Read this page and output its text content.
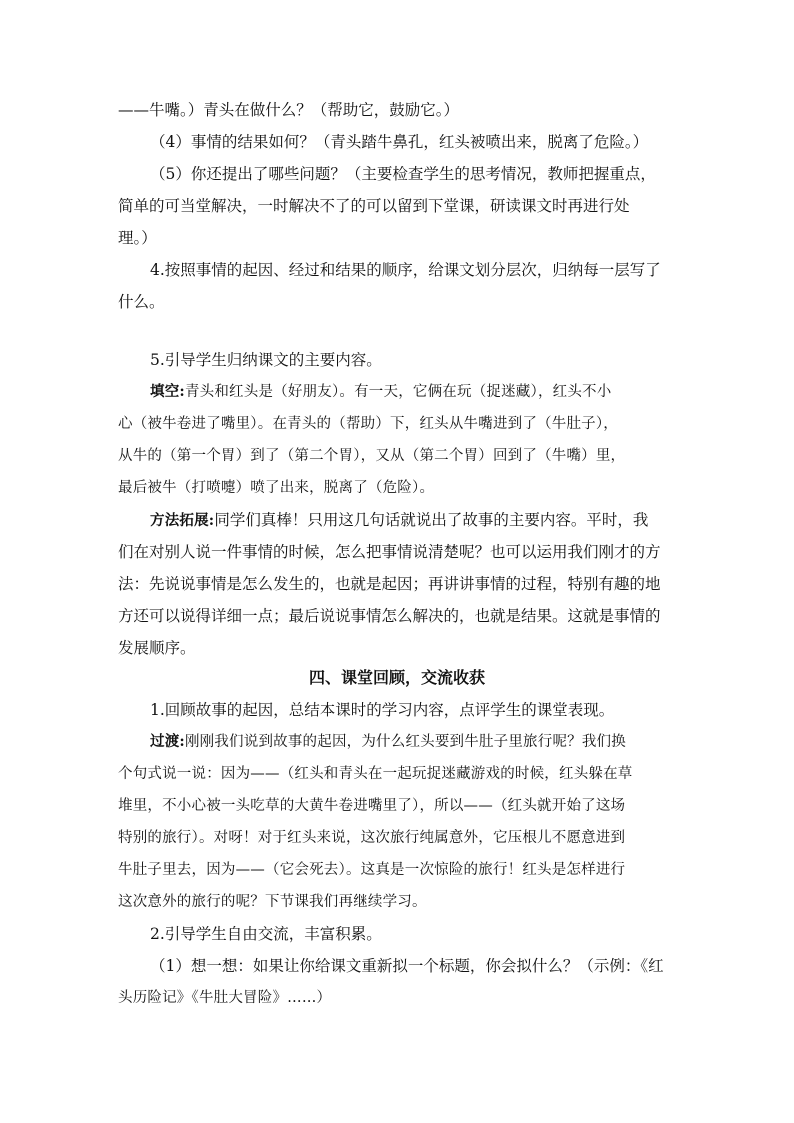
——牛嘴。）青头在做什么？（帮助它，鼓励它。）
（4）事情的结果如何？（青头踏牛鼻孔，红头被喷出来，脱离了危险。）
（5）你还提出了哪些问题？（主要检查学生的思考情况，教师把握重点，
简单的可当堂解决，一时解决不了的可以留到下堂课，研读课文时再进行处
理。）
4.按照事情的起因、经过和结果的顺序，给课文划分层次，归纳每一层写了
什么。
5.引导学生归纳课文的主要内容。
填空:青头和红头是（好朋友）。有一天，它俩在玩（捉迷藏），红头不小
心（被牛卷进了嘴里）。在青头的（帮助）下，红头从牛嘴进到了（牛肚子），
从牛的（第一个胃）到了（第二个胃），又从（第二个胃）回到了（牛嘴）里，
最后被牛（打喷嚏）喷了出来，脱离了（危险）。
方法拓展:同学们真棒！只用这几句话就说出了故事的主要内容。平时，我
们在对别人说一件事情的时候，怎么把事情说清楚呢？也可以运用我们刚才的方
法：先说说事情是怎么发生的，也就是起因；再讲讲事情的过程，特别有趣的地
方还可以说得详细一点；最后说说事情怎么解决的，也就是结果。这就是事情的
发展顺序。
四、课堂回顾，交流收获
1.回顾故事的起因，总结本课时的学习内容，点评学生的课堂表现。
过渡:刚刚我们说到故事的起因，为什么红头要到牛肚子里旅行呢？我们换
个句式说一说：因为——（红头和青头在一起玩捉迷藏游戏的时候，红头躲在草
堆里，不小心被一头吃草的大黄牛卷进嘴里了），所以——（红头就开始了这场
特别的旅行）。对呀！对于红头来说，这次旅行纯属意外，它压根儿不愿意进到
牛肚子里去，因为——（它会死去）。这真是一次惊险的旅行！红头是怎样进行
这次意外的旅行的呢？下节课我们再继续学习。
2.引导学生自由交流，丰富积累。
（1）想一想：如果让你给课文重新拟一个标题，你会拟什么？（示例：《红
头历险记》《牛肚大冒险》……）
